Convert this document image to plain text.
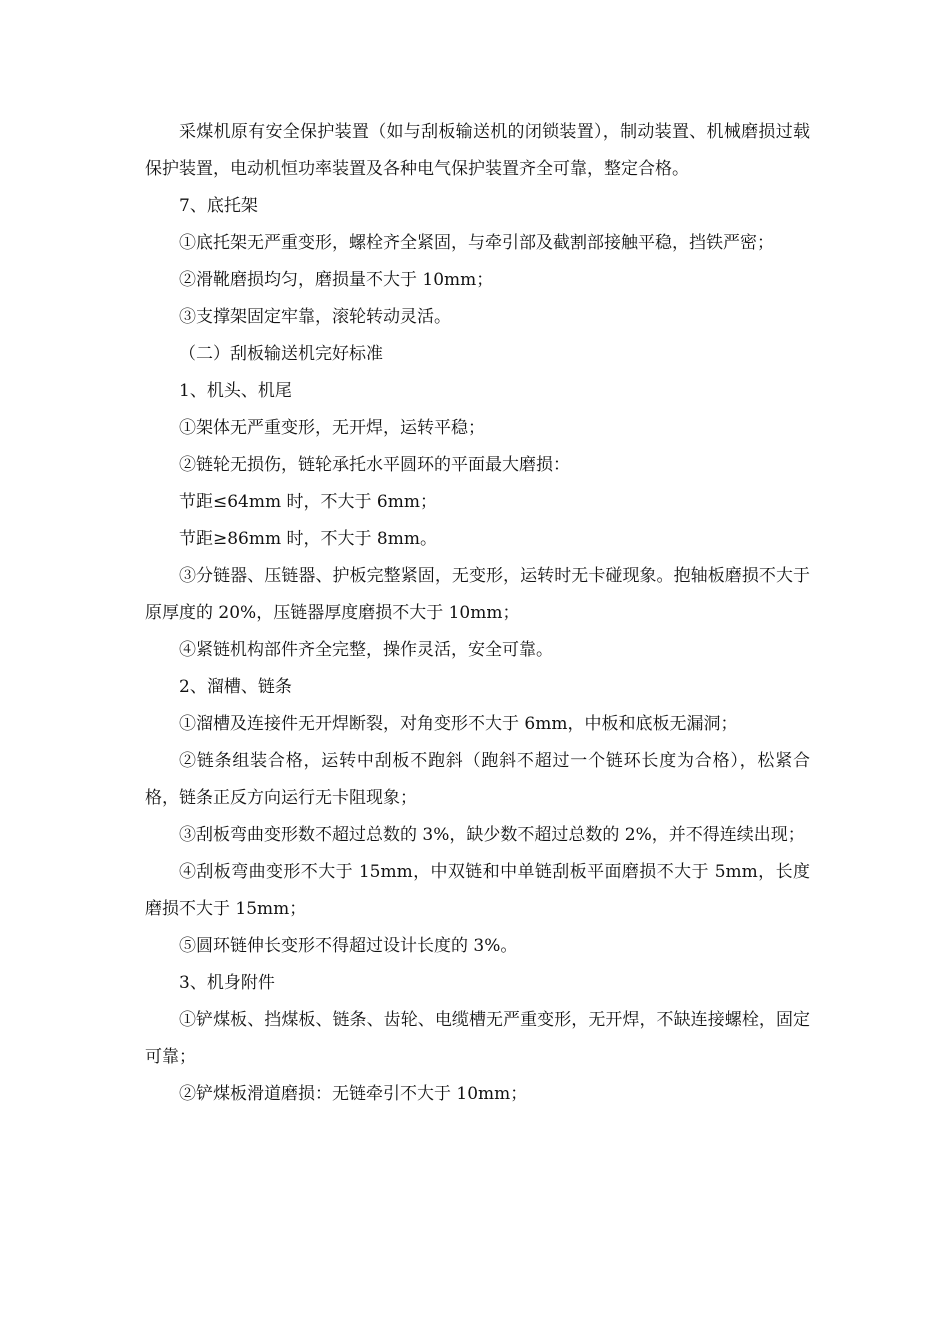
采煤机原有安全保护装置（如与刮板输送机的闭锁装置），制动装置、机械磨损过载保护装置，电动机恒功率装置及各种电气保护装置齐全可靠，整定合格。

7、底托架

①底托架无严重变形，螺栓齐全紧固，与牵引部及截割部接触平稳，挡铁严密；

②滑靴磨损均匀，磨损量不大于 10mm；

③支撑架固定牢靠，滚轮转动灵活。

（二）刮板输送机完好标准

1、机头、机尾

①架体无严重变形，无开焊，运转平稳；

②链轮无损伤，链轮承托水平圆环的平面最大磨损：

节距≤64mm 时，不大于 6mm；

节距≥86mm 时，不大于 8mm。

③分链器、压链器、护板完整紧固，无变形，运转时无卡碰现象。抱轴板磨损不大于原厚度的 20%，压链器厚度磨损不大于 10mm；

④紧链机构部件齐全完整，操作灵活，安全可靠。

2、溜槽、链条

①溜槽及连接件无开焊断裂，对角变形不大于 6mm，中板和底板无漏洞；

②链条组装合格，运转中刮板不跑斜（跑斜不超过一个链环长度为合格），松紧合格，链条正反方向运行无卡阻现象；

③刮板弯曲变形数不超过总数的 3%，缺少数不超过总数的 2%，并不得连续出现；

④刮板弯曲变形不大于 15mm，中双链和中单链刮板平面磨损不大于 5mm，长度磨损不大于 15mm；

⑤圆环链伸长变形不得超过设计长度的 3%。

3、机身附件

①铲煤板、挡煤板、链条、齿轮、电缆槽无严重变形，无开焊，不缺连接螺栓，固定可靠；

②铲煤板滑道磨损：无链牵引不大于 10mm；
